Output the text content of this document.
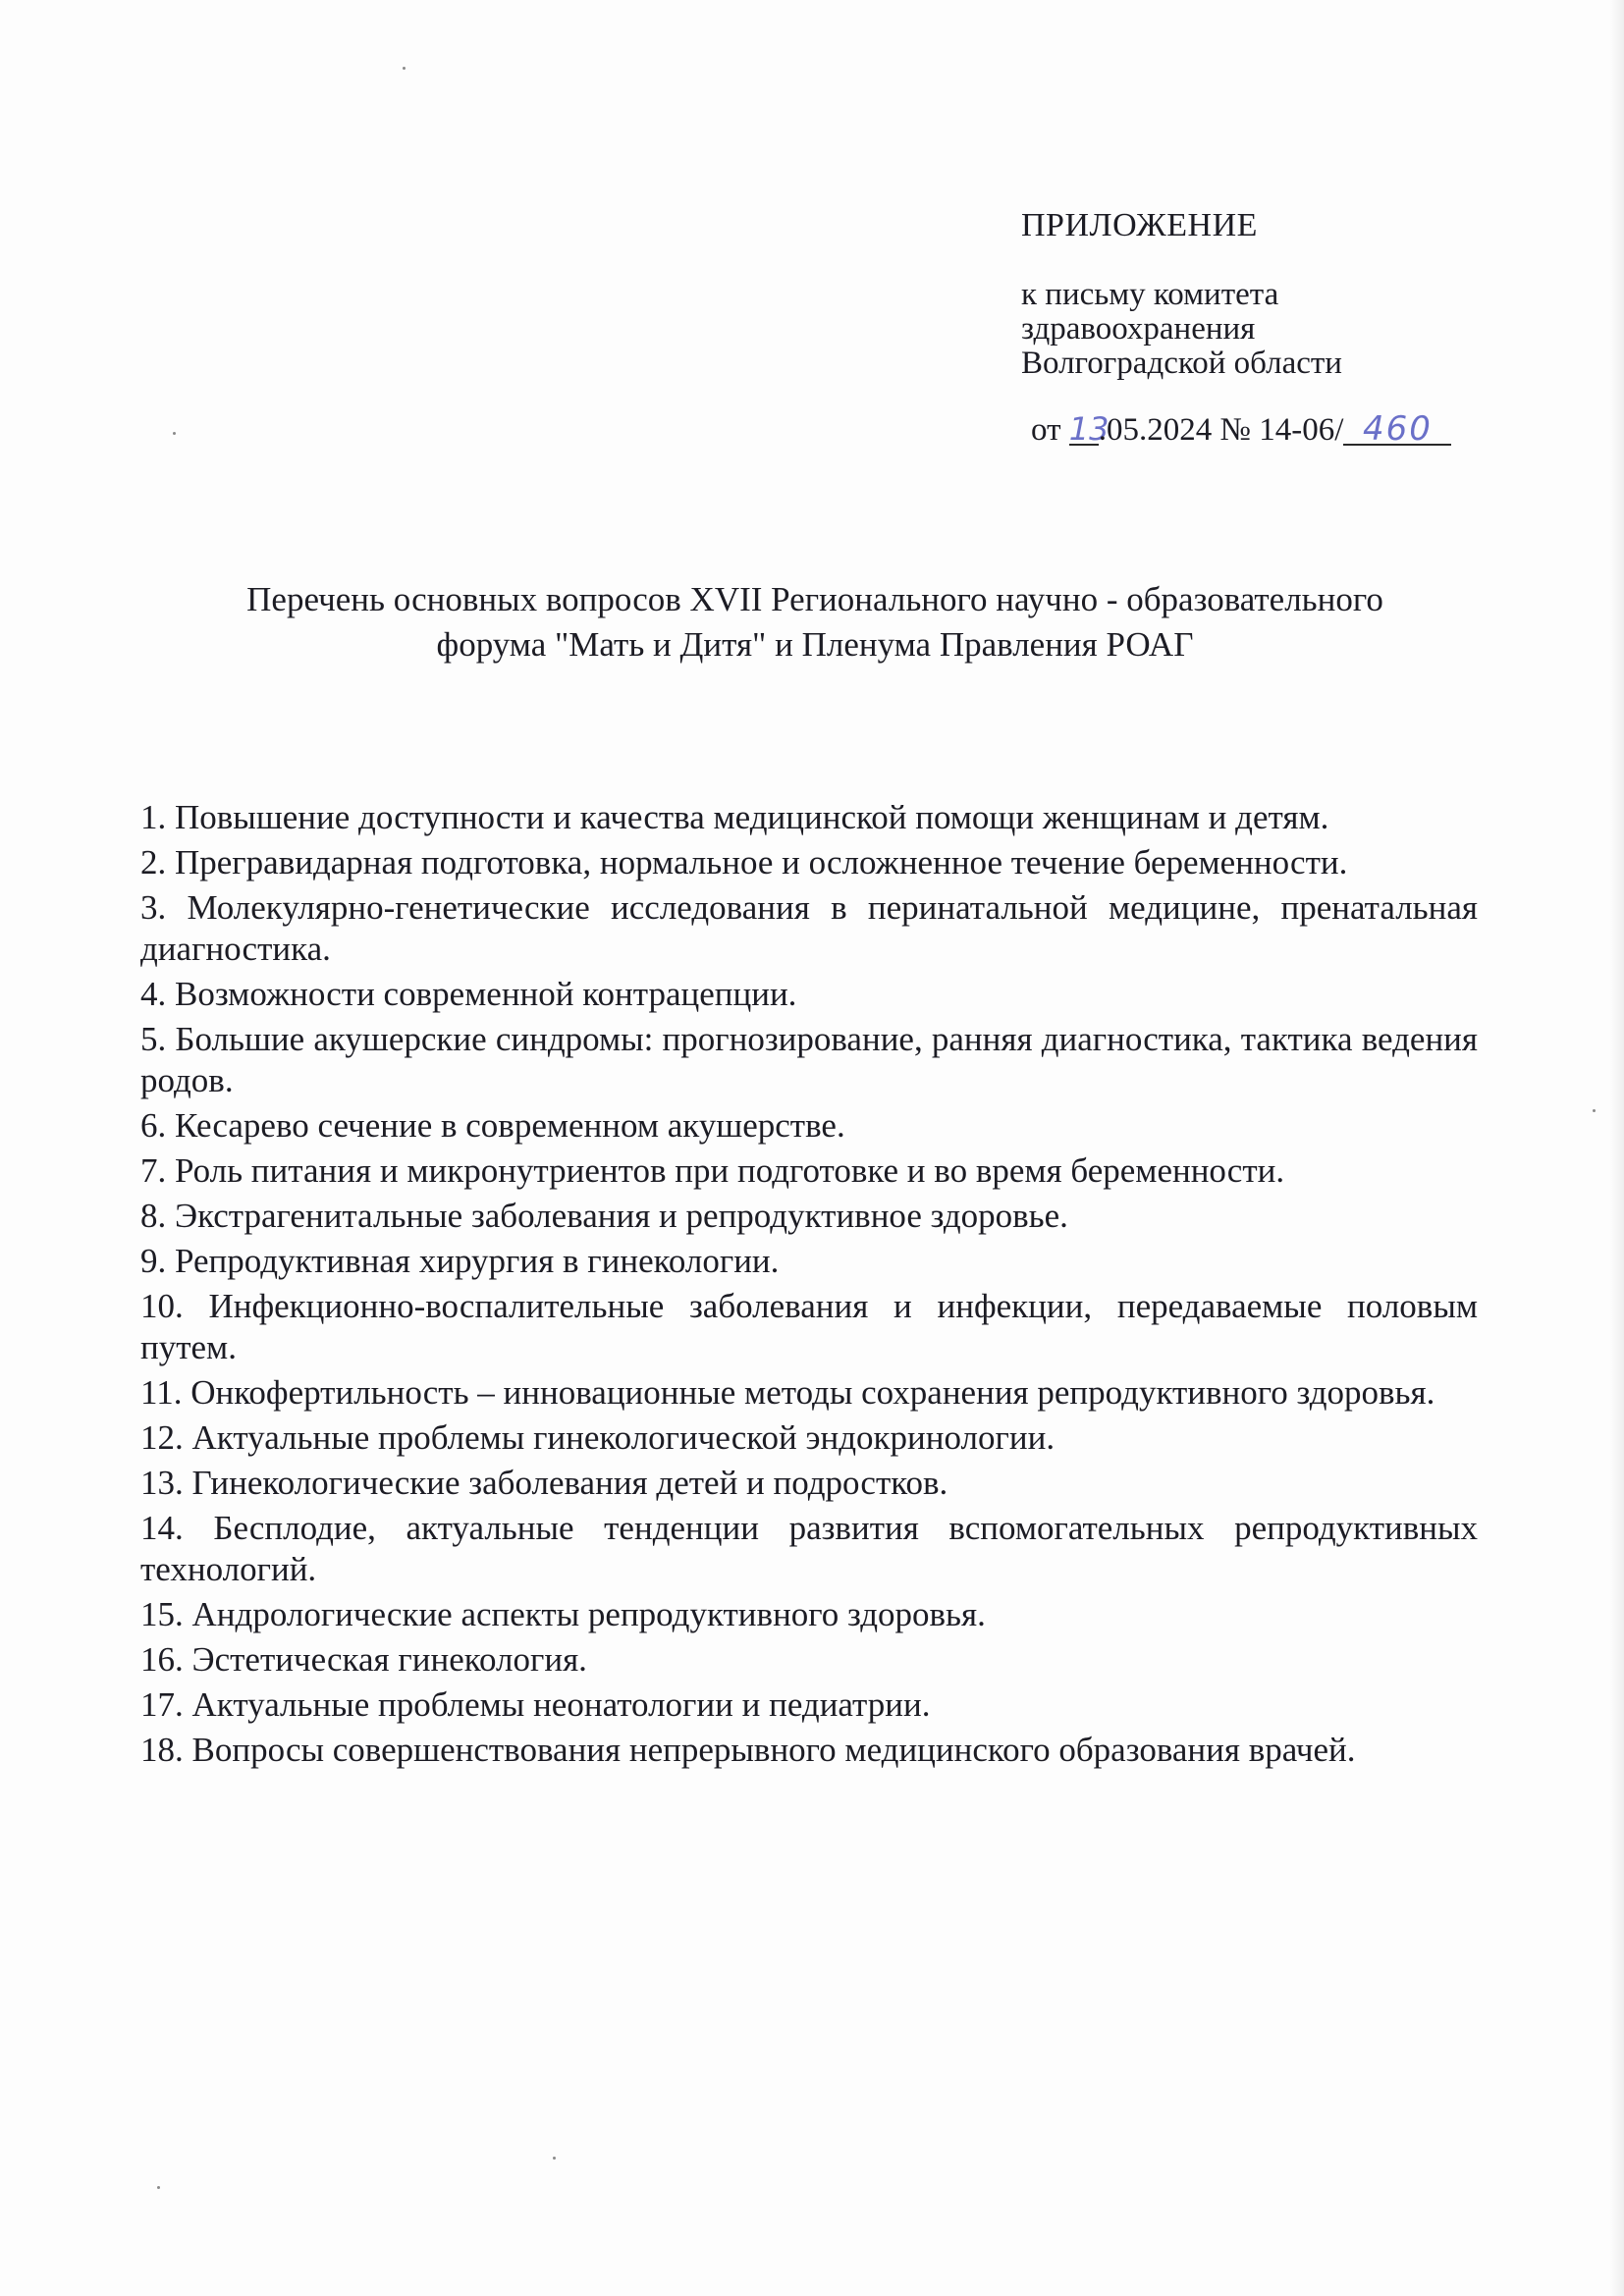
ПРИЛОЖЕНИЕ
к письму комитета
здравоохранения
Волгоградской области
от 13.05.2024 № 14-06/ 460
Перечень основных вопросов XVII Регионального научно - образовательного
форума "Мать и Дитя" и Пленума Правления РОАГ
1. Повышение доступности и качества медицинской помощи женщинам и детям.
2. Прегравидарная подготовка, нормальное и осложненное течение беременности.
3. Молекулярно-генетические исследования в перинатальной медицине, пренатальная диагностика.
4. Возможности современной контрацепции.
5. Большие акушерские синдромы: прогнозирование, ранняя диагностика, тактика ведения родов.
6. Кесарево сечение в современном акушерстве.
7. Роль питания и микронутриентов при подготовке и во время беременности.
8. Экстрагенитальные заболевания и репродуктивное здоровье.
9. Репродуктивная хирургия в гинекологии.
10. Инфекционно-воспалительные заболевания и инфекции, передаваемые половым путем.
11. Онкофертильность – инновационные методы сохранения репродуктивного здоровья.
12. Актуальные проблемы гинекологической эндокринологии.
13. Гинекологические заболевания детей и подростков.
14. Бесплодие, актуальные тенденции развития вспомогательных репродуктивных технологий.
15. Андрологические аспекты репродуктивного здоровья.
16. Эстетическая гинекология.
17. Актуальные проблемы неонатологии и педиатрии.
18. Вопросы совершенствования непрерывного медицинского образования врачей.
